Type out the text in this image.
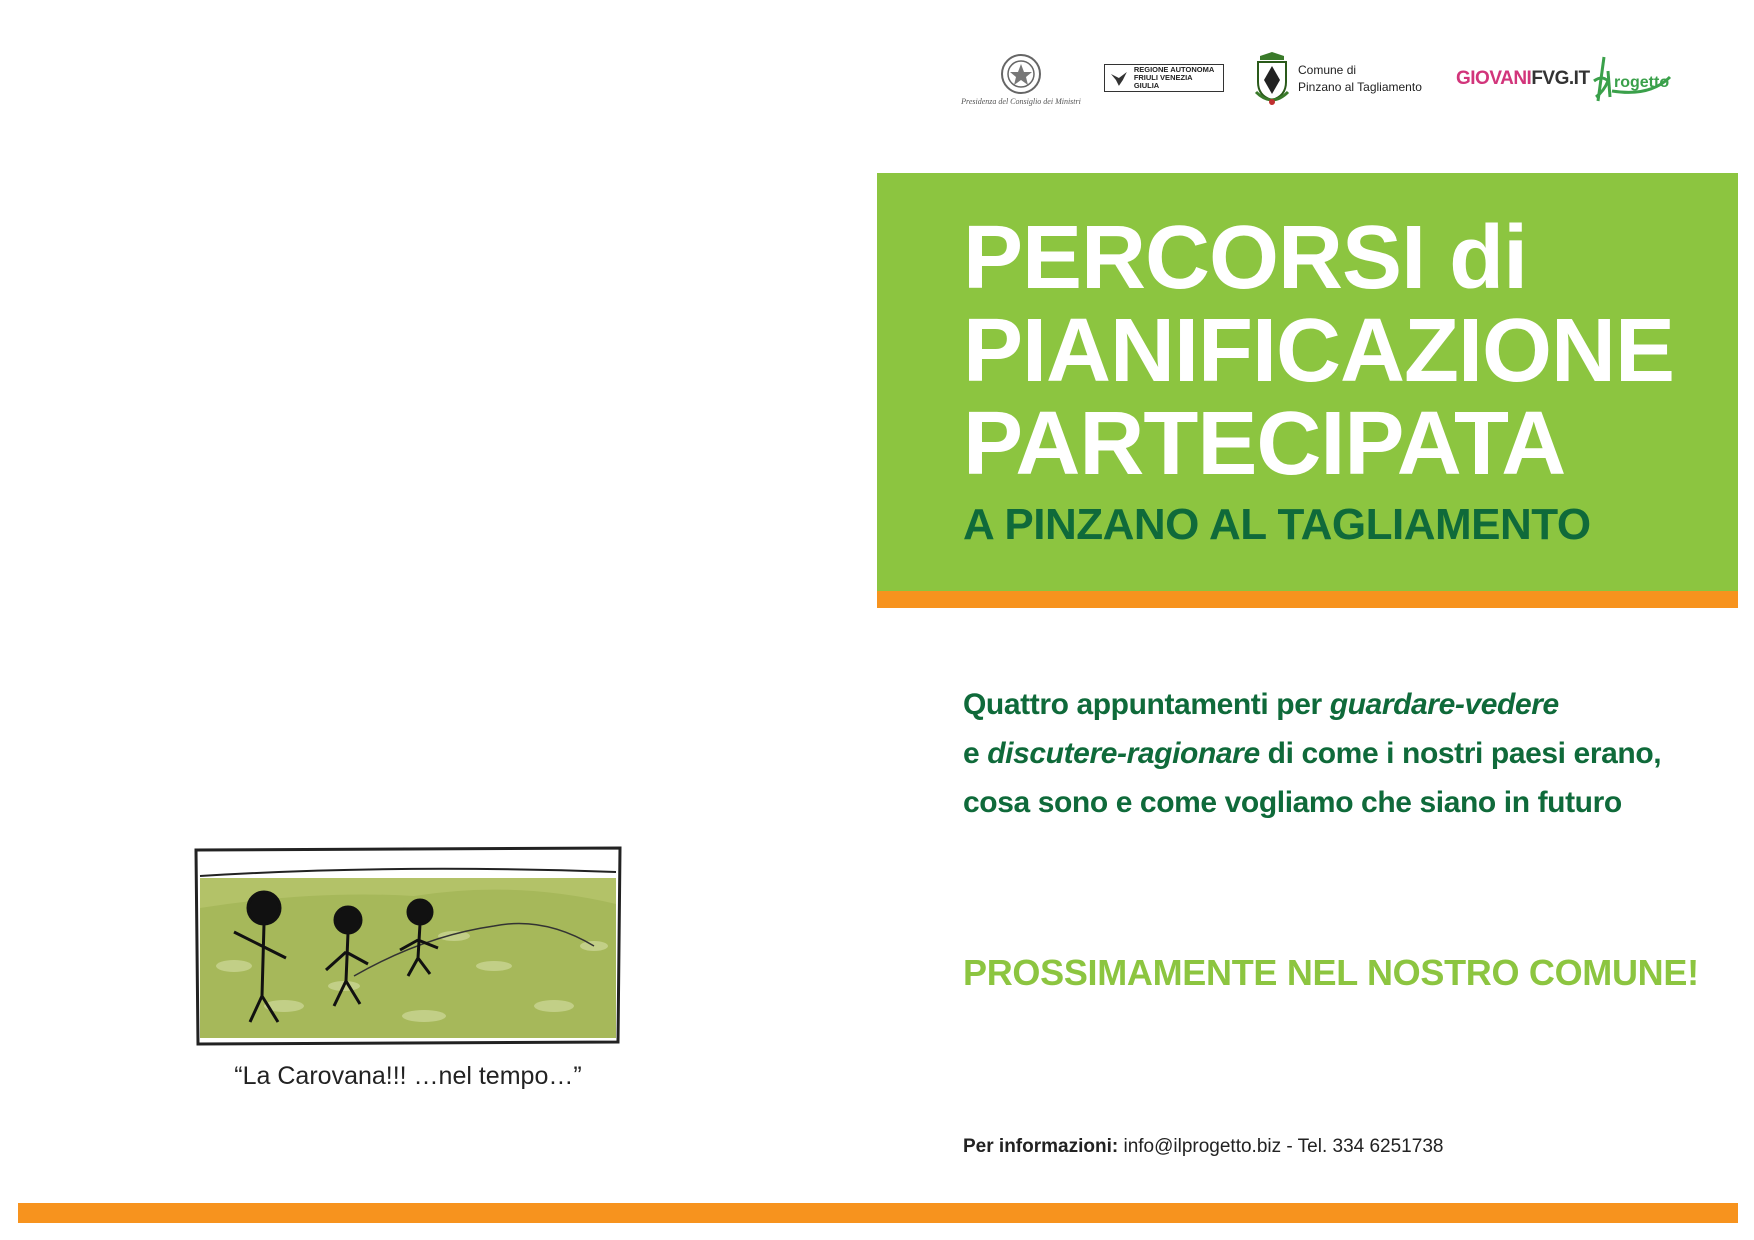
Presidenza del Consiglio dei Ministri
REGIONE AUTONOMA
FRIULI VENEZIA GIULIA
Comune di
Pinzano al Tagliamento GIOVANI FVG.IT rogetto
PERCORSI di
PIANIFICAZIONE
PARTECIPATA
A PINZANO AL TAGLIAMENTO
Quattro appuntamenti per guardare-vedere
e discutere-ragionare di come i nostri paesi erano,
cosa sono e come vogliamo che siano in futuro
PROSSIMAMENTE NEL NOSTRO COMUNE!
Per informazioni: info@ilprogetto.biz - Tel. 334 6251738
“La Carovana!!! …nel tempo…”
